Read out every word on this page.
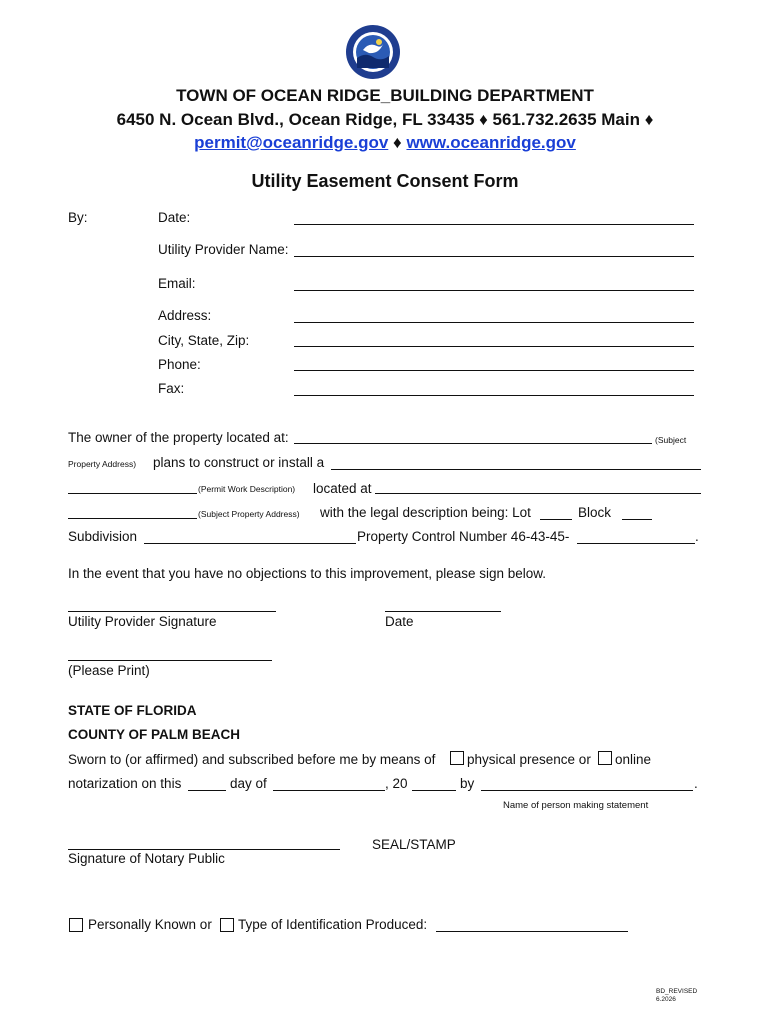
TOWN OF OCEAN RIDGE_BUILDING DEPARTMENT
6450 N. Ocean Blvd., Ocean Ridge, FL 33435 ♦ 561.732.2635 Main ♦
permit@oceanridge.gov ♦ www.oceanridge.gov
Utility Easement Consent Form
By:	Date:
Utility Provider Name:
Email:
Address:
City, State, Zip:
Phone:
Fax:
The owner of the property located at:	(Subject
Property Address) plans to construct or install a
(Permit Work Description) located at
(Subject Property Address) with the legal description being: Lot	Block
Subdivision	Property Control Number 46-43-45-	.
In the event that you have no objections to this improvement, please sign below.
Utility Provider Signature	Date
(Please Print)
STATE OF FLORIDA
COUNTY OF PALM BEACH
Sworn to (or affirmed) and subscribed before me by means of physical presence or online
notarization on this	day of	, 20	by	.
Name of person making statement
SEAL/STAMP
Signature of Notary Public
Personally Known or Type of Identification Produced:
BD_REVISED
6.2026
